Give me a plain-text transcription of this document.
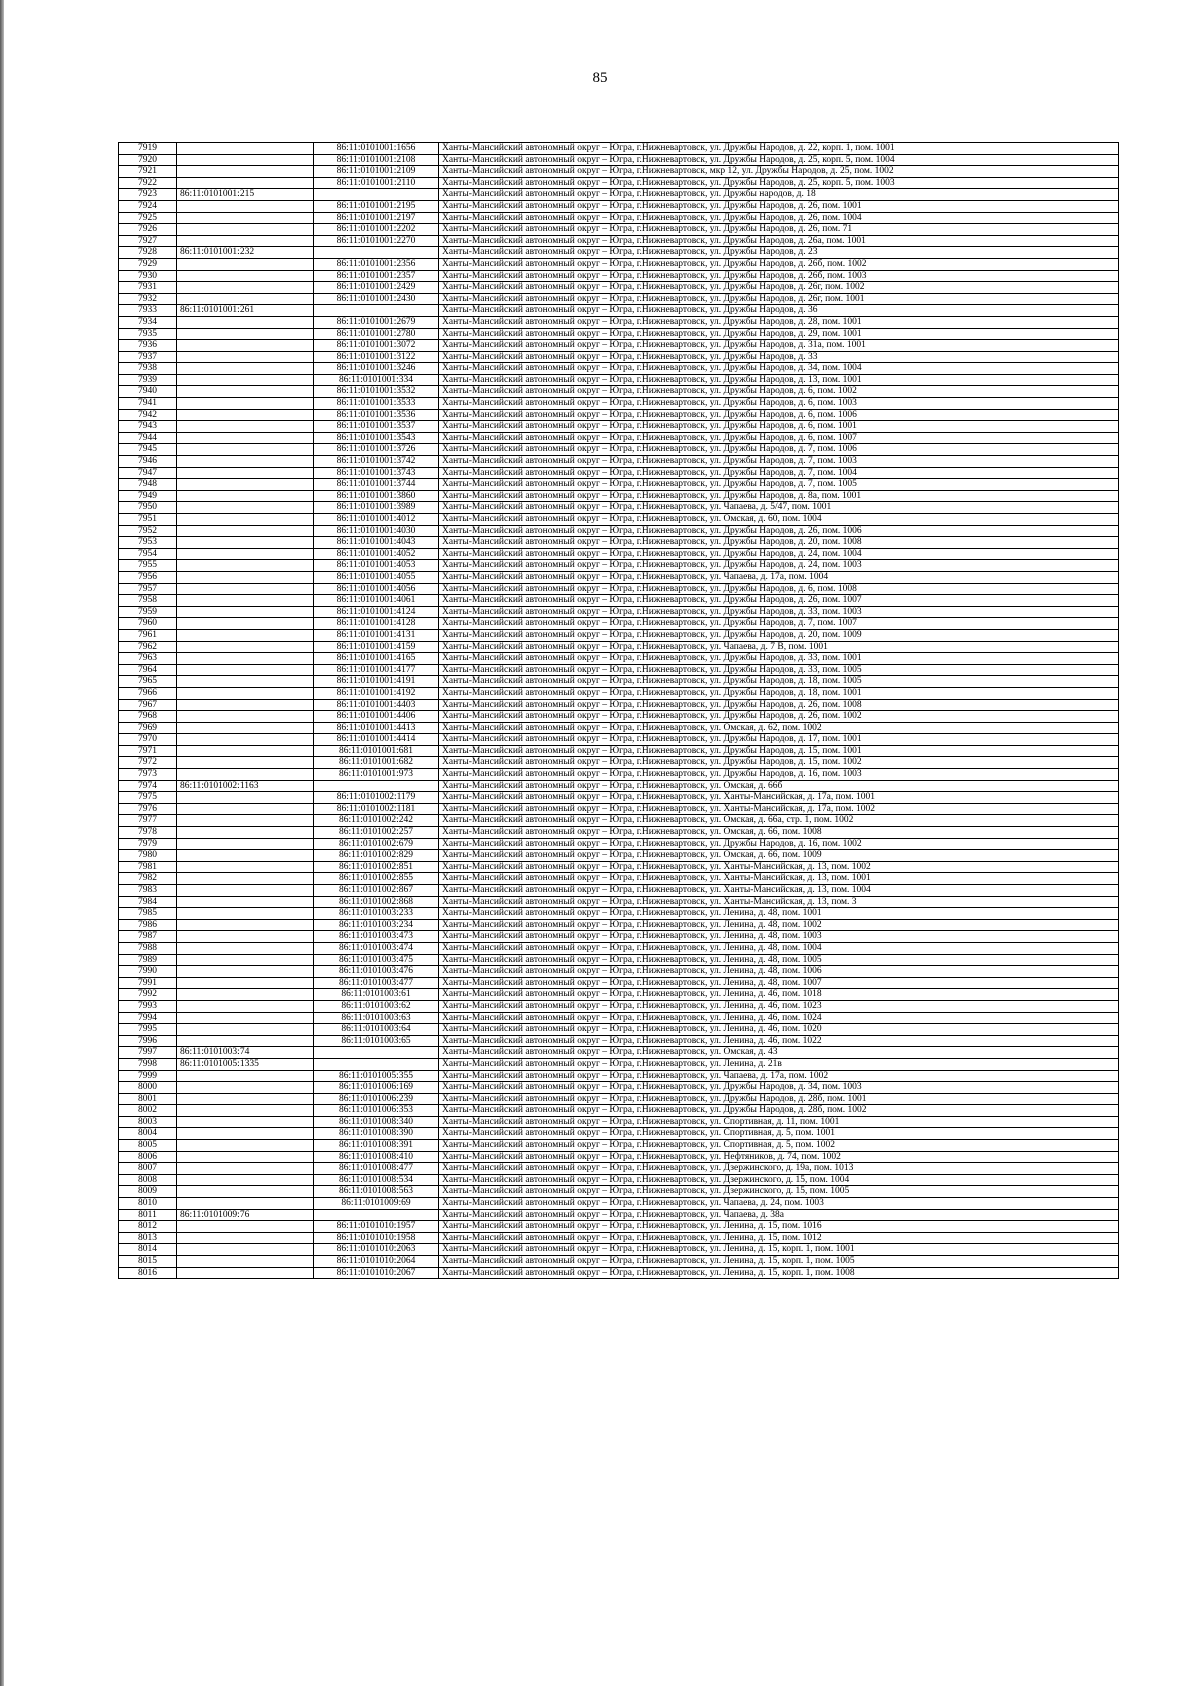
85
7919		86:11:0101001:1656	Ханты-Мансийский автономный округ – Югра, г.Нижневартовск, ул. Дружбы Народов, д. 22, корп. 1, пом. 1001
7920		86:11:0101001:2108	Ханты-Мансийский автономный округ – Югра, г.Нижневартовск, ул. Дружбы Народов, д. 25, корп. 5, пом. 1004
7921		86:11:0101001:2109	Ханты-Мансийский автономный округ – Югра, г.Нижневартовск, мкр 12, ул. Дружбы Народов, д. 25, пом. 1002
7922		86:11:0101001:2110	Ханты-Мансийский автономный округ – Югра, г.Нижневартовск, ул. Дружбы Народов, д. 25, корп. 5, пом. 1003
7923	86:11:0101001:215		Ханты-Мансийский автономный округ – Югра, г.Нижневартовск, ул. Дружбы народов, д. 18
7924		86:11:0101001:2195	Ханты-Мансийский автономный округ – Югра, г.Нижневартовск, ул. Дружбы Народов, д. 26, пом. 1001
7925		86:11:0101001:2197	Ханты-Мансийский автономный округ – Югра, г.Нижневартовск, ул. Дружбы Народов, д. 26, пом. 1004
7926		86:11:0101001:2202	Ханты-Мансийский автономный округ – Югра, г.Нижневартовск, ул. Дружбы Народов, д. 26, пом. 71
7927		86:11:0101001:2270	Ханты-Мансийский автономный округ – Югра, г.Нижневартовск, ул. Дружбы Народов, д. 26а, пом. 1001
7928	86:11:0101001:232		Ханты-Мансийский автономный округ – Югра, г.Нижневартовск, ул. Дружбы Народов, д. 23
7929		86:11:0101001:2356	Ханты-Мансийский автономный округ – Югра, г.Нижневартовск, ул. Дружбы Народов, д. 26б, пом. 1002
7930		86:11:0101001:2357	Ханты-Мансийский автономный округ – Югра, г.Нижневартовск, ул. Дружбы Народов, д. 26б, пом. 1003
7931		86:11:0101001:2429	Ханты-Мансийский автономный округ – Югра, г.Нижневартовск, ул. Дружбы Народов, д. 26г, пом. 1002
7932		86:11:0101001:2430	Ханты-Мансийский автономный округ – Югра, г.Нижневартовск, ул. Дружбы Народов, д. 26г, пом. 1001
7933	86:11:0101001:261		Ханты-Мансийский автономный округ – Югра, г.Нижневартовск, ул. Дружбы Народов, д. 36
7934		86:11:0101001:2679	Ханты-Мансийский автономный округ – Югра, г.Нижневартовск, ул. Дружбы Народов, д. 28, пом. 1001
7935		86:11:0101001:2780	Ханты-Мансийский автономный округ – Югра, г.Нижневартовск, ул. Дружбы Народов, д. 29, пом. 1001
7936		86:11:0101001:3072	Ханты-Мансийский автономный округ – Югра, г.Нижневартовск, ул. Дружбы Народов, д. 31а, пом. 1001
7937		86:11:0101001:3122	Ханты-Мансийский автономный округ – Югра, г.Нижневартовск, ул. Дружбы Народов, д. 33
7938		86:11:0101001:3246	Ханты-Мансийский автономный округ – Югра, г.Нижневартовск, ул. Дружбы Народов, д. 34, пом. 1004
7939		86:11:0101001:334	Ханты-Мансийский автономный округ – Югра, г.Нижневартовск, ул. Дружбы Народов, д. 13, пом. 1001
7940		86:11:0101001:3532	Ханты-Мансийский автономный округ – Югра, г.Нижневартовск, ул. Дружбы Народов, д. 6, пом. 1002
7941		86:11:0101001:3533	Ханты-Мансийский автономный округ – Югра, г.Нижневартовск, ул. Дружбы Народов, д. 6, пом. 1003
7942		86:11:0101001:3536	Ханты-Мансийский автономный округ – Югра, г.Нижневартовск, ул. Дружбы Народов, д. 6, пом. 1006
7943		86:11:0101001:3537	Ханты-Мансийский автономный округ – Югра, г.Нижневартовск, ул. Дружбы Народов, д. 6, пом. 1001
7944		86:11:0101001:3543	Ханты-Мансийский автономный округ – Югра, г.Нижневартовск, ул. Дружбы Народов, д. 6, пом. 1007
7945		86:11:0101001:3726	Ханты-Мансийский автономный округ – Югра, г.Нижневартовск, ул. Дружбы Народов, д. 7, пом. 1006
7946		86:11:0101001:3742	Ханты-Мансийский автономный округ – Югра, г.Нижневартовск, ул. Дружбы Народов, д. 7, пом. 1003
7947		86:11:0101001:3743	Ханты-Мансийский автономный округ – Югра, г.Нижневартовск, ул. Дружбы Народов, д. 7, пом. 1004
7948		86:11:0101001:3744	Ханты-Мансийский автономный округ – Югра, г.Нижневартовск, ул. Дружбы Народов, д. 7, пом. 1005
7949		86:11:0101001:3860	Ханты-Мансийский автономный округ – Югра, г.Нижневартовск, ул. Дружбы Народов, д. 8а, пом. 1001
7950		86:11:0101001:3989	Ханты-Мансийский автономный округ – Югра, г.Нижневартовск, ул. Чапаева, д. 5/47, пом. 1001
7951		86:11:0101001:4012	Ханты-Мансийский автономный округ – Югра, г.Нижневартовск, ул. Омская, д. 60, пом. 1004
7952		86:11:0101001:4030	Ханты-Мансийский автономный округ – Югра, г.Нижневартовск, ул. Дружбы Народов, д. 26, пом. 1006
7953		86:11:0101001:4043	Ханты-Мансийский автономный округ – Югра, г.Нижневартовск, ул. Дружбы Народов, д. 20, пом. 1008
7954		86:11:0101001:4052	Ханты-Мансийский автономный округ – Югра, г.Нижневартовск, ул. Дружбы Народов, д. 24, пом. 1004
7955		86:11:0101001:4053	Ханты-Мансийский автономный округ – Югра, г.Нижневартовск, ул. Дружбы Народов, д. 24, пом. 1003
7956		86:11:0101001:4055	Ханты-Мансийский автономный округ – Югра, г.Нижневартовск, ул. Чапаева, д. 17а, пом. 1004
7957		86:11:0101001:4056	Ханты-Мансийский автономный округ – Югра, г.Нижневартовск, ул. Дружбы Народов, д. 6, пом. 1008
7958		86:11:0101001:4061	Ханты-Мансийский автономный округ – Югра, г.Нижневартовск, ул. Дружбы Народов, д. 26, пом. 1007
7959		86:11:0101001:4124	Ханты-Мансийский автономный округ – Югра, г.Нижневартовск, ул. Дружбы Народов, д. 33, пом. 1003
7960		86:11:0101001:4128	Ханты-Мансийский автономный округ – Югра, г.Нижневартовск, ул. Дружбы Народов, д. 7, пом. 1007
7961		86:11:0101001:4131	Ханты-Мансийский автономный округ – Югра, г.Нижневартовск, ул. Дружбы Народов, д. 20, пом. 1009
7962		86:11:0101001:4159	Ханты-Мансийский автономный округ – Югра, г.Нижневартовск, ул. Чапаева, д. 7 В, пом. 1001
7963		86:11:0101001:4165	Ханты-Мансийский автономный округ – Югра, г.Нижневартовск, ул. Дружбы Народов, д. 33, пом. 1001
7964		86:11:0101001:4177	Ханты-Мансийский автономный округ – Югра, г.Нижневартовск, ул. Дружбы Народов, д. 33, пом. 1005
7965		86:11:0101001:4191	Ханты-Мансийский автономный округ – Югра, г.Нижневартовск, ул. Дружбы Народов, д. 18, пом. 1005
7966		86:11:0101001:4192	Ханты-Мансийский автономный округ – Югра, г.Нижневартовск, ул. Дружбы Народов, д. 18, пом. 1001
7967		86:11:0101001:4403	Ханты-Мансийский автономный округ – Югра, г.Нижневартовск, ул. Дружбы Народов, д. 26, пом. 1008
7968		86:11:0101001:4406	Ханты-Мансийский автономный округ – Югра, г.Нижневартовск, ул. Дружбы Народов, д. 26, пом. 1002
7969		86:11:0101001:4413	Ханты-Мансийский автономный округ – Югра, г.Нижневартовск, ул. Омская, д. 62, пом. 1002
7970		86:11:0101001:4414	Ханты-Мансийский автономный округ – Югра, г.Нижневартовск, ул. Дружбы Народов, д. 17, пом. 1001
7971		86:11:0101001:681	Ханты-Мансийский автономный округ – Югра, г.Нижневартовск, ул. Дружбы Народов, д. 15, пом. 1001
7972		86:11:0101001:682	Ханты-Мансийский автономный округ – Югра, г.Нижневартовск, ул. Дружбы Народов, д. 15, пом. 1002
7973		86:11:0101001:973	Ханты-Мансийский автономный округ – Югра, г.Нижневартовск, ул. Дружбы Народов, д. 16, пом. 1003
7974	86:11:0101002:1163		Ханты-Мансийский автономный округ – Югра, г.Нижневартовск, ул. Омская, д. 66б
7975		86:11:0101002:1179	Ханты-Мансийский автономный округ – Югра, г.Нижневартовск, ул. Ханты-Мансийская, д. 17а, пом. 1001
7976		86:11:0101002:1181	Ханты-Мансийский автономный округ – Югра, г.Нижневартовск, ул. Ханты-Мансийская, д. 17а, пом. 1002
7977		86:11:0101002:242	Ханты-Мансийский автономный округ – Югра, г.Нижневартовск, ул. Омская, д. 66а, стр. 1, пом. 1002
7978		86:11:0101002:257	Ханты-Мансийский автономный округ – Югра, г.Нижневартовск, ул. Омская, д. 66, пом. 1008
7979		86:11:0101002:679	Ханты-Мансийский автономный округ – Югра, г.Нижневартовск, ул. Дружбы Народов, д. 16, пом. 1002
7980		86:11:0101002:829	Ханты-Мансийский автономный округ – Югра, г.Нижневартовск, ул. Омская, д. 66, пом. 1009
7981		86:11:0101002:851	Ханты-Мансийский автономный округ – Югра, г.Нижневартовск, ул. Ханты-Мансийская, д. 13, пом. 1002
7982		86:11:0101002:855	Ханты-Мансийский автономный округ – Югра, г.Нижневартовск, ул. Ханты-Мансийская, д. 13, пом. 1001
7983		86:11:0101002:867	Ханты-Мансийский автономный округ – Югра, г.Нижневартовск, ул. Ханты-Мансийская, д. 13, пом. 1004
7984		86:11:0101002:868	Ханты-Мансийский автономный округ – Югра, г.Нижневартовск, ул. Ханты-Мансийская, д. 13, пом. 3
7985		86:11:0101003:233	Ханты-Мансийский автономный округ – Югра, г.Нижневартовск, ул. Ленина, д. 48, пом. 1001
7986		86:11:0101003:234	Ханты-Мансийский автономный округ – Югра, г.Нижневартовск, ул. Ленина, д. 48, пом. 1002
7987		86:11:0101003:473	Ханты-Мансийский автономный округ – Югра, г.Нижневартовск, ул. Ленина, д. 48, пом. 1003
7988		86:11:0101003:474	Ханты-Мансийский автономный округ – Югра, г.Нижневартовск, ул. Ленина, д. 48, пом. 1004
7989		86:11:0101003:475	Ханты-Мансийский автономный округ – Югра, г.Нижневартовск, ул. Ленина, д. 48, пом. 1005
7990		86:11:0101003:476	Ханты-Мансийский автономный округ – Югра, г.Нижневартовск, ул. Ленина, д. 48, пом. 1006
7991		86:11:0101003:477	Ханты-Мансийский автономный округ – Югра, г.Нижневартовск, ул. Ленина, д. 48, пом. 1007
7992		86:11:0101003:61	Ханты-Мансийский автономный округ – Югра, г.Нижневартовск, ул. Ленина, д. 46, пом. 1018
7993		86:11:0101003:62	Ханты-Мансийский автономный округ – Югра, г.Нижневартовск, ул. Ленина, д. 46, пом. 1023
7994		86:11:0101003:63	Ханты-Мансийский автономный округ – Югра, г.Нижневартовск, ул. Ленина, д. 46, пом. 1024
7995		86:11:0101003:64	Ханты-Мансийский автономный округ – Югра, г.Нижневартовск, ул. Ленина, д. 46, пом. 1020
7996		86:11:0101003:65	Ханты-Мансийский автономный округ – Югра, г.Нижневартовск, ул. Ленина, д. 46, пом. 1022
7997	86:11:0101003:74		Ханты-Мансийский автономный округ – Югра, г.Нижневартовск, ул. Омская, д. 43
7998	86:11:0101005:1335		Ханты-Мансийский автономный округ – Югра, г.Нижневартовск, ул. Ленина, д. 21в
7999		86:11:0101005:355	Ханты-Мансийский автономный округ – Югра, г.Нижневартовск, ул. Чапаева, д. 17а, пом. 1002
8000		86:11:0101006:169	Ханты-Мансийский автономный округ – Югра, г.Нижневартовск, ул. Дружбы Народов, д. 34, пом. 1003
8001		86:11:0101006:239	Ханты-Мансийский автономный округ – Югра, г.Нижневартовск, ул. Дружбы Народов, д. 28б, пом. 1001
8002		86:11:0101006:353	Ханты-Мансийский автономный округ – Югра, г.Нижневартовск, ул. Дружбы Народов, д. 28б, пом. 1002
8003		86:11:0101008:340	Ханты-Мансийский автономный округ – Югра, г.Нижневартовск, ул. Спортивная, д. 11, пом. 1001
8004		86:11:0101008:390	Ханты-Мансийский автономный округ – Югра, г.Нижневартовск, ул. Спортивная, д. 5, пом. 1001
8005		86:11:0101008:391	Ханты-Мансийский автономный округ – Югра, г.Нижневартовск, ул. Спортивная, д. 5, пом. 1002
8006		86:11:0101008:410	Ханты-Мансийский автономный округ – Югра, г.Нижневартовск, ул. Нефтяников, д. 74, пом. 1002
8007		86:11:0101008:477	Ханты-Мансийский автономный округ – Югра, г.Нижневартовск, ул. Дзержинского, д. 19а, пом. 1013
8008		86:11:0101008:534	Ханты-Мансийский автономный округ – Югра, г.Нижневартовск, ул. Дзержинского, д. 15, пом. 1004
8009		86:11:0101008:563	Ханты-Мансийский автономный округ – Югра, г.Нижневартовск, ул. Дзержинского, д. 15, пом. 1005
8010		86:11:0101009:69	Ханты-Мансийский автономный округ – Югра, г.Нижневартовск, ул. Чапаева, д. 24, пом. 1003
8011	86:11:0101009:76		Ханты-Мансийский автономный округ – Югра, г.Нижневартовск, ул. Чапаева, д. 38а
8012		86:11:0101010:1957	Ханты-Мансийский автономный округ – Югра, г.Нижневартовск, ул. Ленина, д. 15, пом. 1016
8013		86:11:0101010:1958	Ханты-Мансийский автономный округ – Югра, г.Нижневартовск, ул. Ленина, д. 15, пом. 1012
8014		86:11:0101010:2063	Ханты-Мансийский автономный округ – Югра, г.Нижневартовск, ул. Ленина, д. 15, корп. 1, пом. 1001
8015		86:11:0101010:2064	Ханты-Мансийский автономный округ – Югра, г.Нижневартовск, ул. Ленина, д. 15, корп. 1, пом. 1005
8016		86:11:0101010:2067	Ханты-Мансийский автономный округ – Югра, г.Нижневартовск, ул. Ленина, д. 15, корп. 1, пом. 1008
